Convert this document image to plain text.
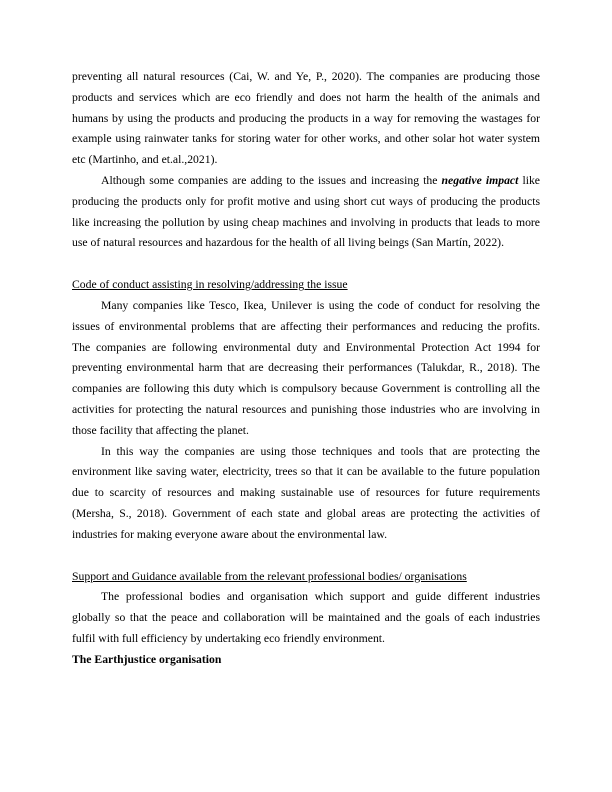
preventing all natural resources (Cai, W. and Ye, P., 2020). The companies are producing those products and services which are eco friendly and does not harm the health of the animals and humans by using the products and producing the products in a way for removing the wastages for example using rainwater tanks for storing water for other works, and other solar hot water system etc (Martinho, and et.al.,2021).

Although some companies are adding to the issues and increasing the negative impact like producing the products only for profit motive and using short cut ways of producing the products like increasing the pollution by using cheap machines and involving in products that leads to more use of natural resources and hazardous for the health of all living beings (San Martín, 2022).

Code of conduct assisting in resolving/addressing the issue

Many companies like Tesco, Ikea, Unilever is using the code of conduct for resolving the issues of environmental problems that are affecting their performances and reducing the profits. The companies are following environmental duty and Environmental Protection Act 1994 for preventing environmental harm that are decreasing their performances (Talukdar, R., 2018). The companies are following this duty which is compulsory because Government is controlling all the activities for protecting the natural resources and punishing those industries who are involving in those facility that affecting the planet.

In this way the companies are using those techniques and tools that are protecting the environment like saving water, electricity, trees so that it can be available to the future population due to scarcity of resources and making sustainable use of resources for future requirements (Mersha, S., 2018). Government of each state and global areas are protecting the activities of industries for making everyone aware about the environmental law.

Support and Guidance available from the relevant professional bodies/ organisations

The professional bodies and organisation which support and guide different industries globally so that the peace and collaboration will be maintained and the goals of each industries fulfil with full efficiency by undertaking eco friendly environment.

The Earthjustice organisation
